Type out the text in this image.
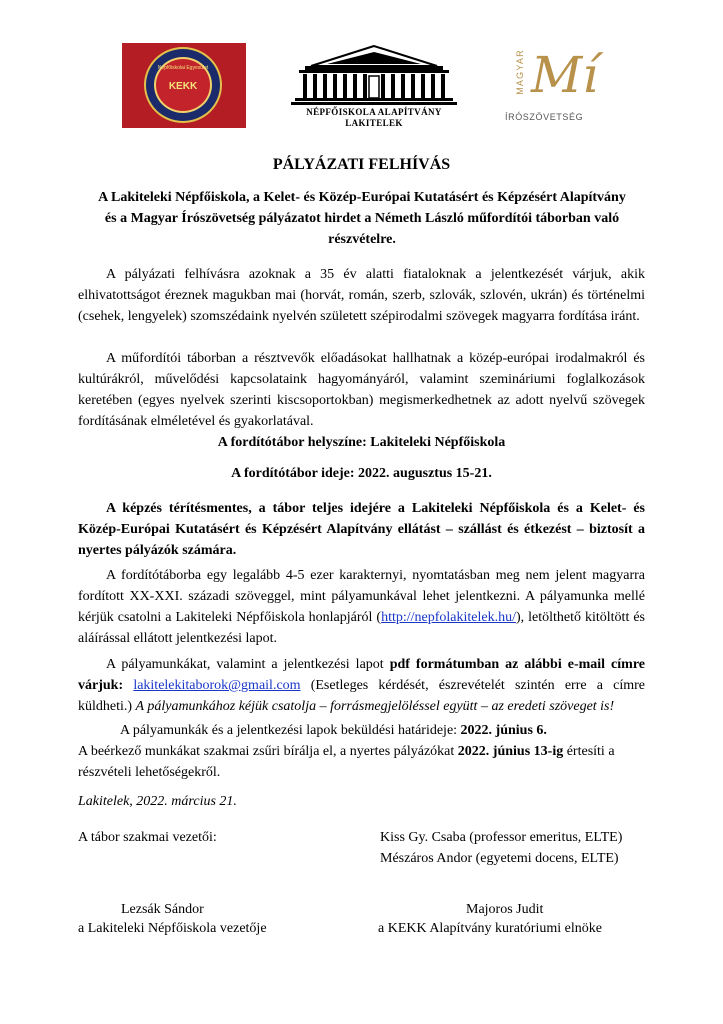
Népfőiskolai Egyesület
KEKK
NÉPFŐISKOLA ALAPÍTVÁNY
LAKITELEK
MAGYAR Mí
ÍRÓSZÖVETSÉG
PÁLYÁZATI FELHÍVÁS
A Lakiteleki Népfőiskola, a Kelet- és Közép-Európai Kutatásért és Képzésért Alapítvány és a Magyar Írószövetség pályázatot hirdet a Németh László műfordítói táborban való részvételre.

A pályázati felhívásra azoknak a 35 év alatti fiataloknak a jelentkezését várjuk, akik elhivatottságot éreznek magukban mai (horvát, román, szerb, szlovák, szlovén, ukrán) és történelmi (csehek, lengyelek) szomszédaink nyelvén született szépirodalmi szövegek magyarra fordítása iránt.

A műfordítói táborban a résztvevők előadásokat hallhatnak a közép-európai irodalmakról és kultúrákról, művelődési kapcsolataink hagyományáról, valamint szemináriumi foglalkozások keretében (egyes nyelvek szerinti kiscsoportokban) megismerkedhetnek az adott nyelvű szövegek fordításának elméletével és gyakorlatával.

A fordítótábor helyszíne: Lakiteleki Népfőiskola
A fordítótábor ideje: 2022. augusztus 15-21.

A képzés térítésmentes, a tábor teljes idejére a Lakiteleki Népfőiskola és a Kelet- és Közép-Európai Kutatásért és Képzésért Alapítvány ellátást – szállást és étkezést – biztosít a nyertes pályázók számára.

A fordítótáborba egy legalább 4-5 ezer karakternyi, nyomtatásban meg nem jelent magyarra fordított XX-XXI. századi szöveggel, mint pályamunkával lehet jelentkezni. A pályamunka mellé kérjük csatolni a Lakiteleki Népfőiskola honlapjáról (http://nepfolakitelek.hu/), letölthető kitöltött és aláírással ellátott jelentkezési lapot.

A pályamunkákat, valamint a jelentkezési lapot pdf formátumban az alábbi e-mail címre várjuk: lakitelekitaborok@gmail.com (Esetleges kérdését, észrevételét szintén erre a címre küldheti.) A pályamunkához kéjük csatolja – forrásmegjelöléssel együtt – az eredeti szöveget is!

A pályamunkák és a jelentkezési lapok beküldési határideje: 2022. június 6.
A beérkező munkákat szakmai zsűri bírálja el, a nyertes pályázókat 2022. június 13-ig értesíti a
részvételi lehetőségekről.
Lakitelek, 2022. március 21.
A tábor szakmai vezetői:	Kiss Gy. Csaba (professor emeritus, ELTE)
Mészáros Andor (egyetemi docens, ELTE)
Lezsák Sándor
a Lakiteleki Népfőiskola vezetője
Majoros Judit
a KEKK Alapítvány kuratóriumi elnöke
